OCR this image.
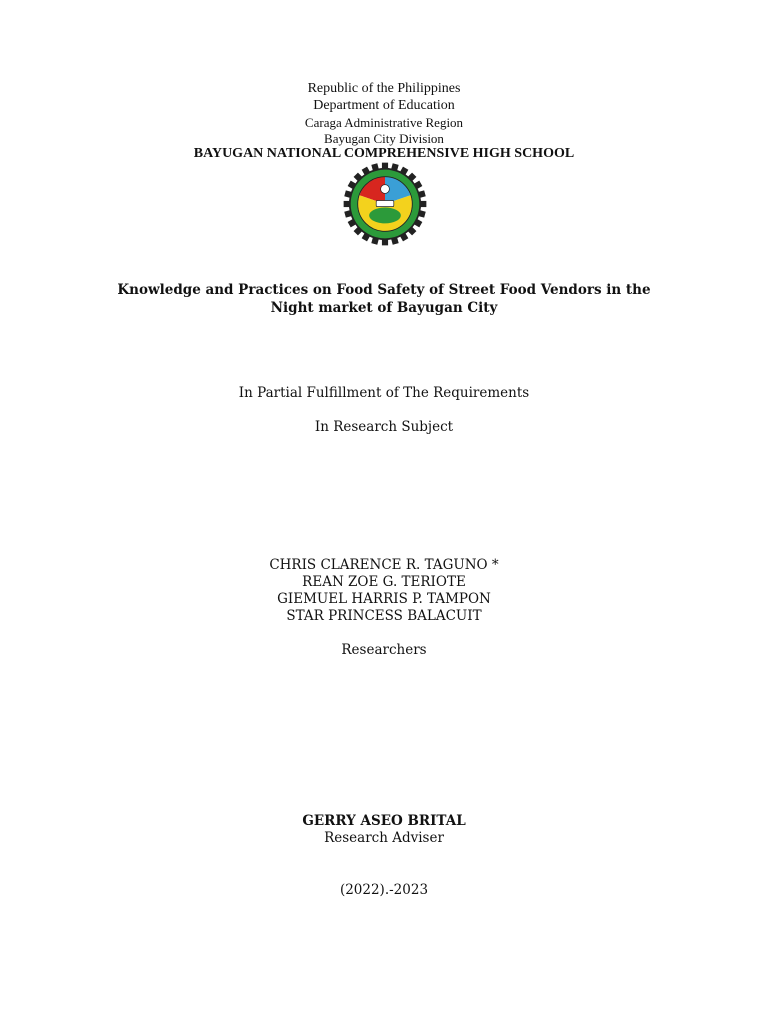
Republic of the Philippines
Department of Education
Caraga Administrative Region
Bayugan City Division
BAYUGAN NATIONAL COMPREHENSIVE HIGH SCHOOL
Knowledge and Practices on Food Safety of Street Food Vendors in the
Night market of Bayugan City
In Partial Fulfillment of The Requirements
In Research Subject
CHRIS CLARENCE R. TAGUNO *
REAN ZOE G. TERIOTE
GIEMUEL HARRIS P. TAMPON
STAR PRINCESS BALACUIT
Researchers
GERRY ASEO BRITAL
Research Adviser
(2022).-2023
